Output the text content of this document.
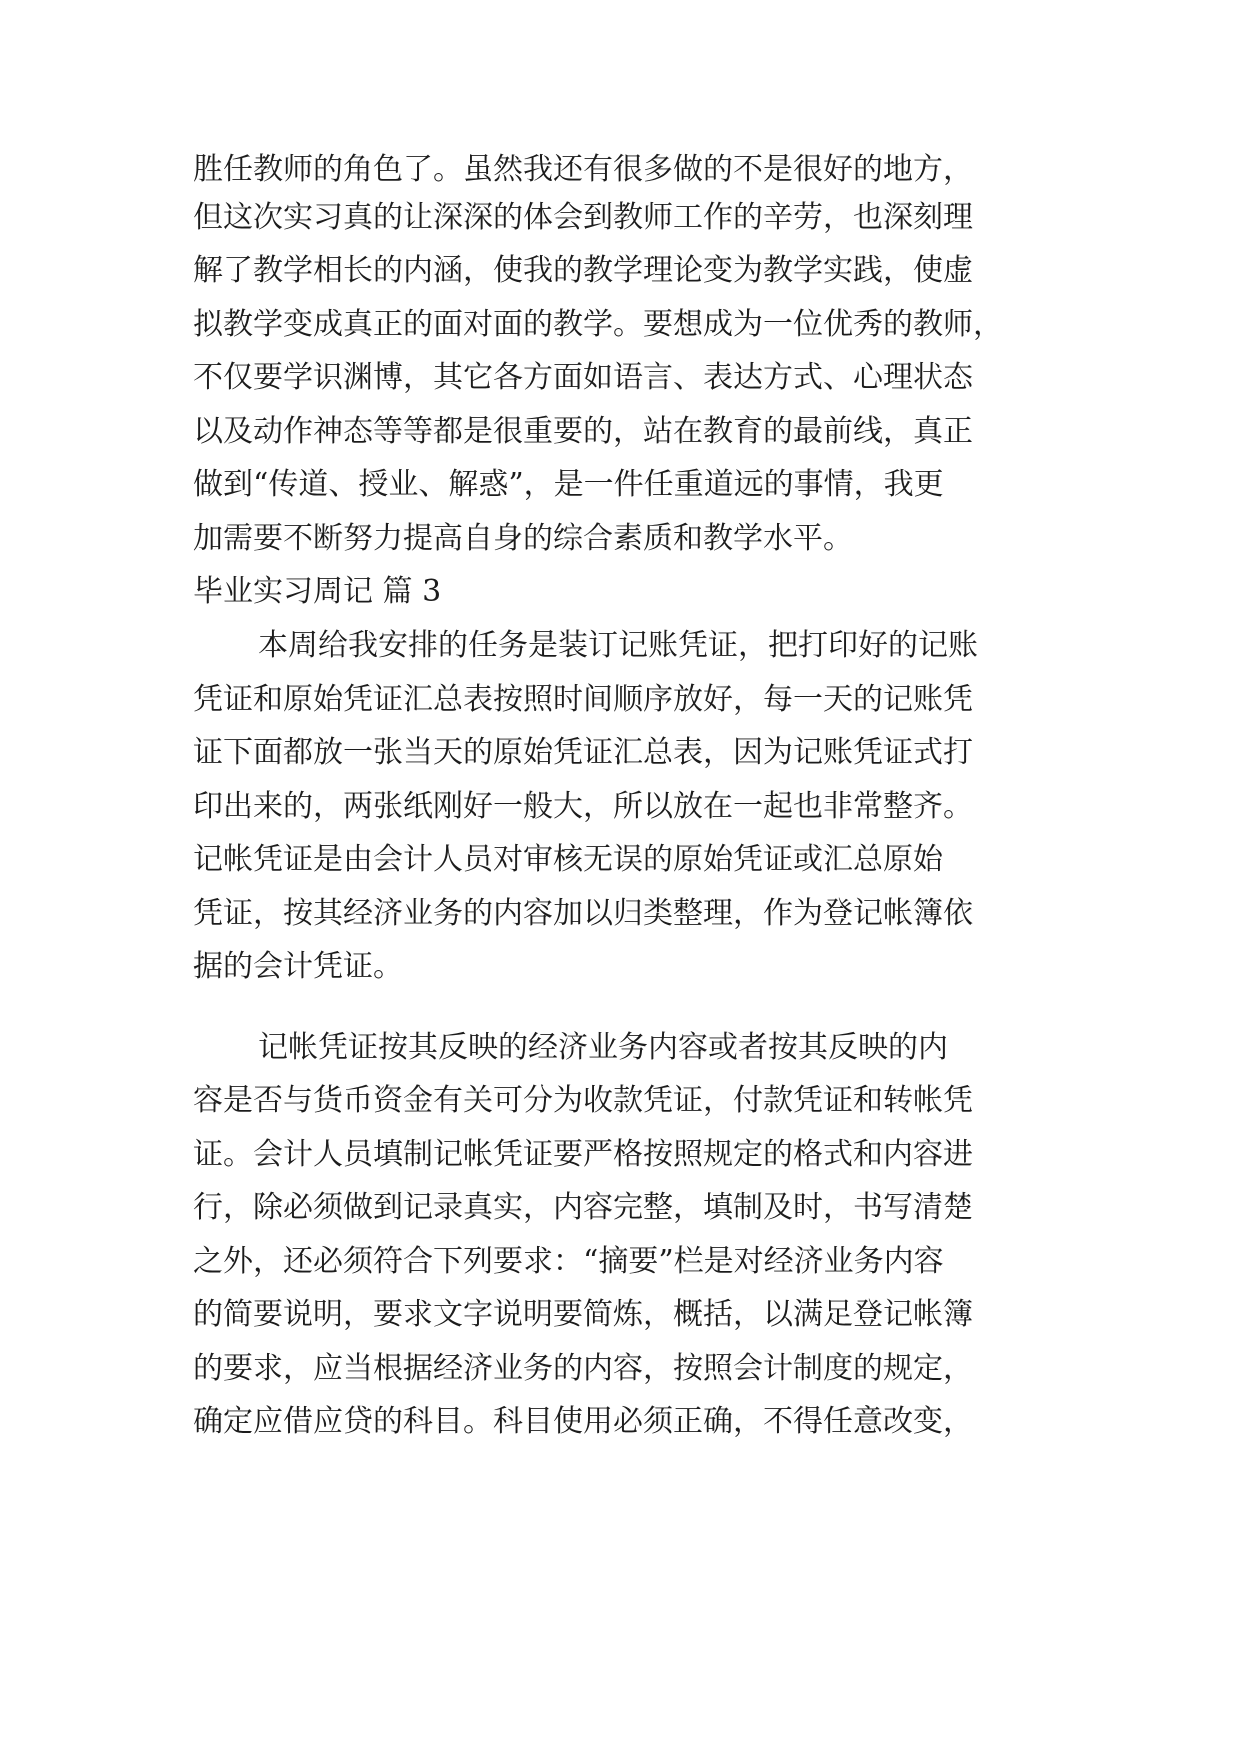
胜任教师的角色了。虽然我还有很多做的不是很好的地方，
但这次实习真的让深深的体会到教师工作的辛劳，也深刻理
解了教学相长的内涵，使我的教学理论变为教学实践，使虚
拟教学变成真正的面对面的教学。要想成为一位优秀的教师，
不仅要学识渊博，其它各方面如语言、表达方式、心理状态
以及动作神态等等都是很重要的，站在教育的最前线，真正
做到“传道、授业、解惑”，是一件任重道远的事情，我更
加需要不断努力提高自身的综合素质和教学水平。
毕业实习周记 篇 3
本周给我安排的任务是装订记账凭证，把打印好的记账
凭证和原始凭证汇总表按照时间顺序放好，每一天的记账凭
证下面都放一张当天的原始凭证汇总表，因为记账凭证式打
印出来的，两张纸刚好一般大，所以放在一起也非常整齐。
记帐凭证是由会计人员对审核无误的原始凭证或汇总原始
凭证，按其经济业务的内容加以归类整理，作为登记帐簿依
据的会计凭证。
记帐凭证按其反映的经济业务内容或者按其反映的内
容是否与货币资金有关可分为收款凭证，付款凭证和转帐凭
证。会计人员填制记帐凭证要严格按照规定的格式和内容进
行，除必须做到记录真实，内容完整，填制及时，书写清楚
之外，还必须符合下列要求：“摘要”栏是对经济业务内容
的简要说明，要求文字说明要简炼，概括，以满足登记帐簿
的要求，应当根据经济业务的内容，按照会计制度的规定，
确定应借应贷的科目。科目使用必须正确，不得任意改变，
